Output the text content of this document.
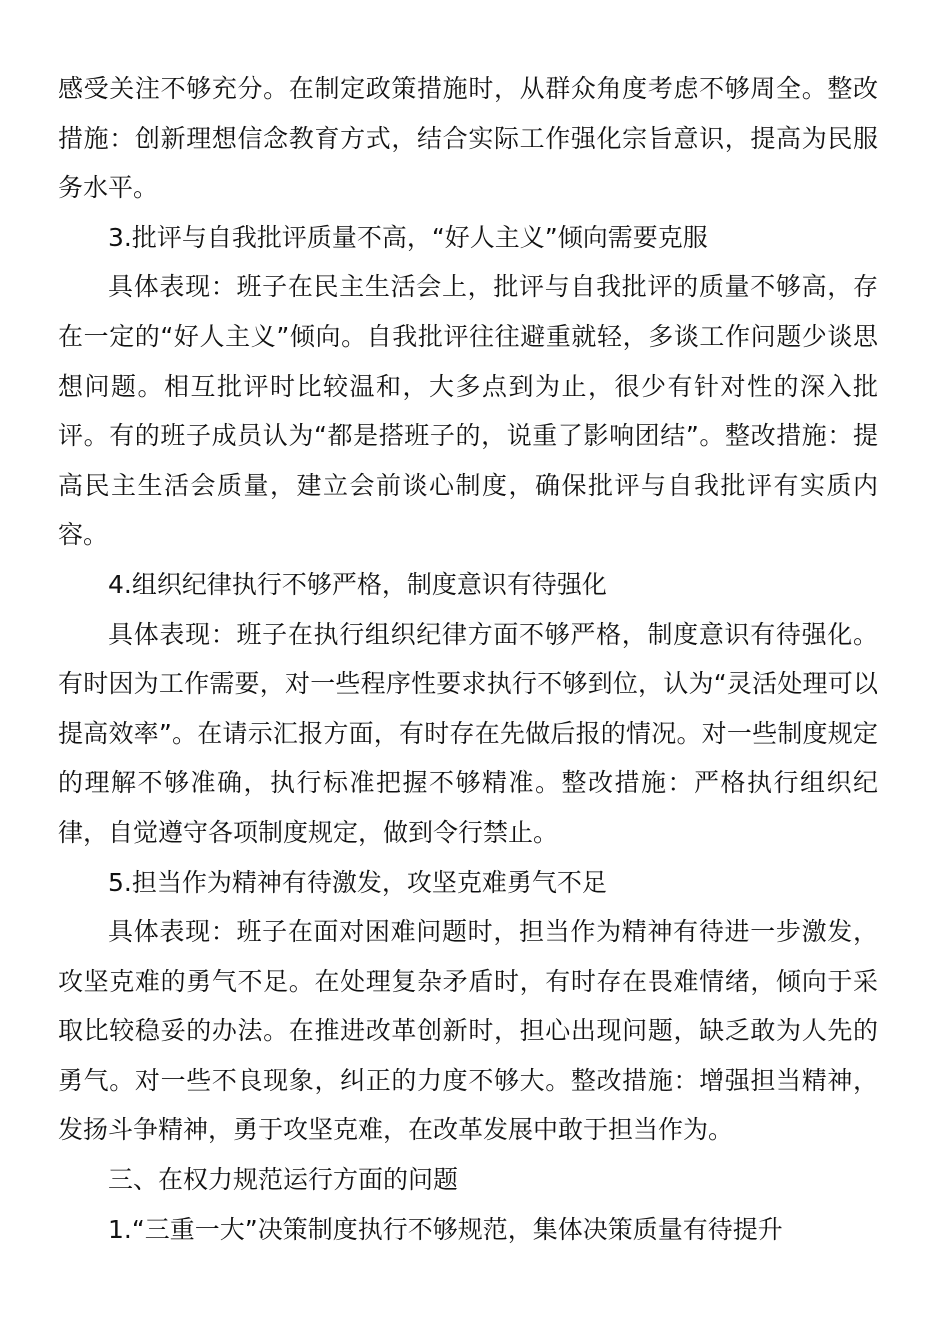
感受关注不够充分。在制定政策措施时，从群众角度考虑不够周全。整改措施：创新理想信念教育方式，结合实际工作强化宗旨意识，提高为民服务水平。

3.批评与自我批评质量不高，“好人主义”倾向需要克服

具体表现：班子在民主生活会上，批评与自我批评的质量不够高，存在一定的“好人主义”倾向。自我批评往往避重就轻，多谈工作问题少谈思想问题。相互批评时比较温和，大多点到为止，很少有针对性的深入批评。有的班子成员认为“都是搭班子的，说重了影响团结”。整改措施：提高民主生活会质量，建立会前谈心制度，确保批评与自我批评有实质内容。

4.组织纪律执行不够严格，制度意识有待强化

具体表现：班子在执行组织纪律方面不够严格，制度意识有待强化。有时因为工作需要，对一些程序性要求执行不够到位，认为“灵活处理可以提高效率”。在请示汇报方面，有时存在先做后报的情况。对一些制度规定的理解不够准确，执行标准把握不够精准。整改措施：严格执行组织纪律，自觉遵守各项制度规定，做到令行禁止。

5.担当作为精神有待激发，攻坚克难勇气不足

具体表现：班子在面对困难问题时，担当作为精神有待进一步激发，攻坚克难的勇气不足。在处理复杂矛盾时，有时存在畏难情绪，倾向于采取比较稳妥的办法。在推进改革创新时，担心出现问题，缺乏敢为人先的勇气。对一些不良现象，纠正的力度不够大。整改措施：增强担当精神，发扬斗争精神，勇于攻坚克难，在改革发展中敢于担当作为。

三、在权力规范运行方面的问题

1.“三重一大”决策制度执行不够规范，集体决策质量有待提升
